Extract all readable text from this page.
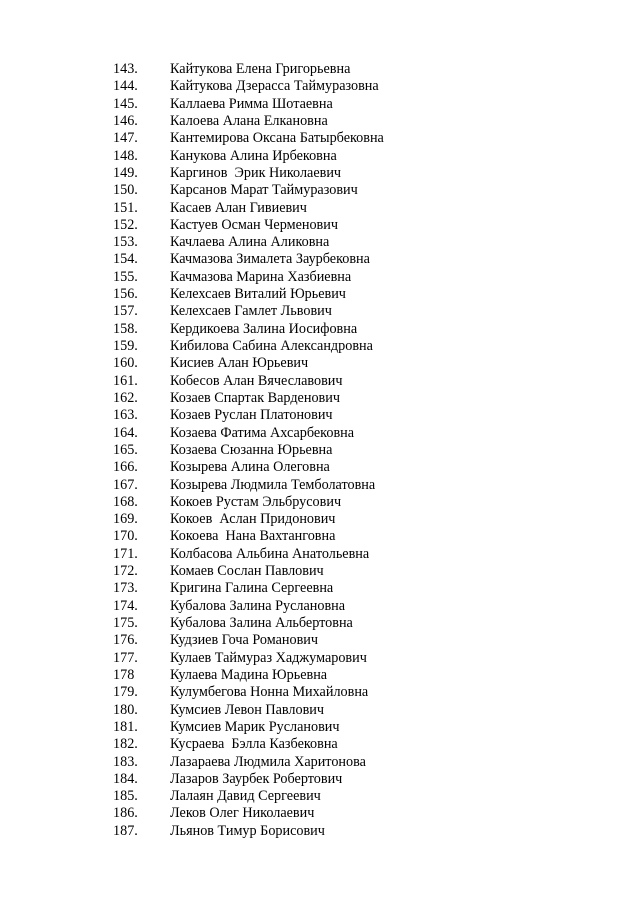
143. Кайтукова Елена Григорьевна
144. Кайтукова Дзерасса Таймуразовна
145. Каллаева Римма Шотаевна
146. Калоева Алана Елкановна
147. Кантемирова Оксана Батырбековна
148. Канукова Алина Ирбековна
149. Каргинов  Эрик Николаевич
150. Карсанов Марат Таймуразович
151. Касаев Алан Гивиевич
152. Кастуев Осман Черменович
153. Качлаева Алина Аликовна
154. Качмазова Зималета Заурбековна
155. Качмазова Марина Хазбиевна
156. Келехсаев Виталий Юрьевич
157. Келехсаев Гамлет Львович
158. Кердикоева Залина Иосифовна
159. Кибилова Сабина Александровна
160. Кисиев Алан Юрьевич
161. Кобесов Алан Вячеславович
162. Козаев Спартак Варденович
163. Козаев Руслан Платонович
164. Козаева Фатима Ахсарбековна
165. Козаева Сюзанна Юрьевна
166. Козырева Алина Олеговна
167. Козырева Людмила Темболатовна
168. Кокоев Рустам Эльбрусович
169. Кокоев  Аслан Придонович
170. Кокоева  Нана Вахтанговна
171. Колбасова Альбина Анатольевна
172. Комаев Сослан Павлович
173. Кригина Галина Сергеевна
174. Кубалова Залина Руслановна
175. Кубалова Залина Альбертовна
176. Кудзиев Гоча Романович
177. Кулаев Таймураз Хаджумарович
178	Кулаева Мадина Юрьевна
179. Кулумбегова Нонна Михайловна
180. Кумсиев Левон Павлович
181. Кумсиев Марик Русланович
182. Кусраева  Бэлла Казбековна
183. Лазараева Людмила Харитонова
184. Лазаров Заурбек Робертович
185. Лалаян Давид Сергеевич
186. Леков Олег Николаевич
187. Льянов Тимур Борисович
